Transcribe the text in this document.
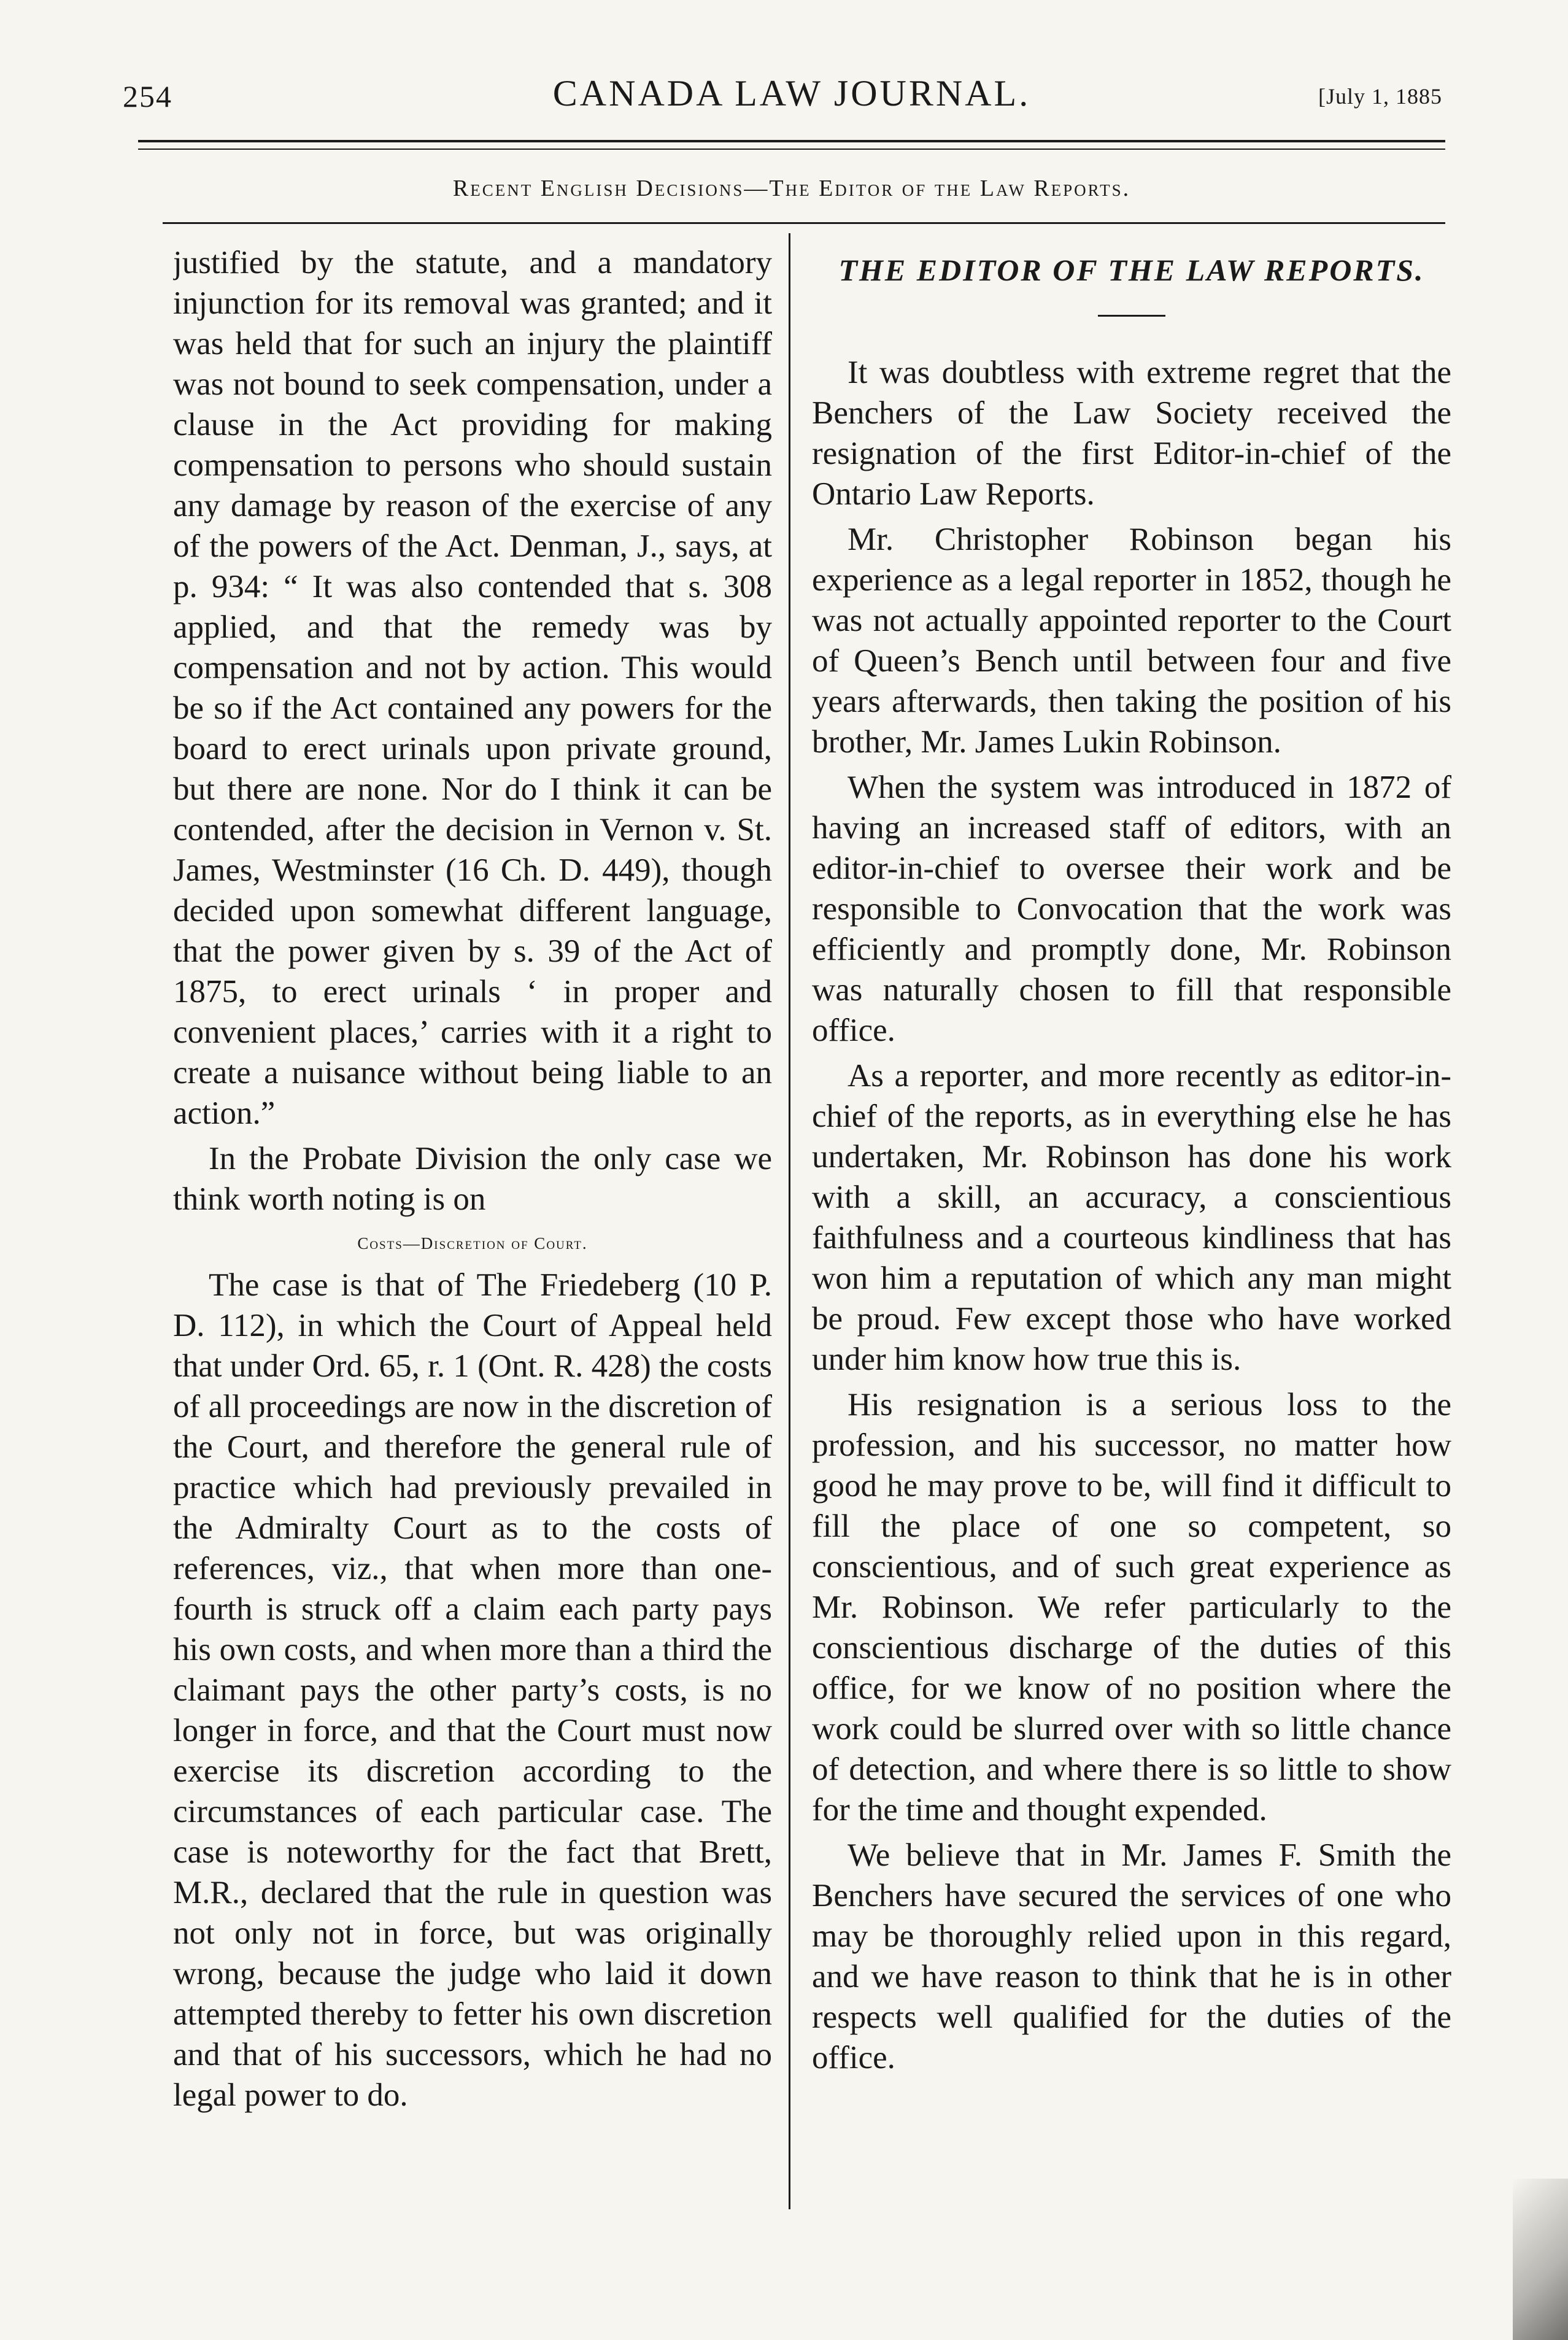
254	CANADA LAW JOURNAL.	[July 1, 1885
Recent English Decisions—The Editor of the Law Reports.

justified by the statute, and a mandatory injunction for its removal was granted; and it was held that for such an injury the plaintiff was not bound to seek compensation, under a clause in the Act providing for making compensation to persons who should sustain any damage by reason of the exercise of any of the powers of the Act. Denman, J., says, at p. 934: “ It was also contended that s. 308 applied, and that the remedy was by compensation and not by action. This would be so if the Act contained any powers for the board to erect urinals upon private ground, but there are none. Nor do I think it can be contended, after the decision in Vernon v. St. James, Westminster (16 Ch. D. 449), though decided upon somewhat different language, that the power given by s. 39 of the Act of 1875, to erect urinals ‘ in proper and convenient places,’ carries with it a right to create a nuisance without being liable to an action.”

In the Probate Division the only case we think worth noting is on

Costs—Discretion of Court.

The case is that of The Friedeberg (10 P. D. 112), in which the Court of Appeal held that under Ord. 65, r. 1 (Ont. R. 428) the costs of all proceedings are now in the discretion of the Court, and therefore the general rule of practice which had previously prevailed in the Admiralty Court as to the costs of references, viz., that when more than one-fourth is struck off a claim each party pays his own costs, and when more than a third the claimant pays the other party’s costs, is no longer in force, and that the Court must now exercise its discretion according to the circumstances of each particular case. The case is noteworthy for the fact that Brett, M.R., declared that the rule in question was not only not in force, but was originally wrong, because the judge who laid it down attempted thereby to fetter his own discretion and that of his successors, which he had no legal power to do.

THE EDITOR OF THE LAW REPORTS.

It was doubtless with extreme regret that the Benchers of the Law Society received the resignation of the first Editor-in-chief of the Ontario Law Reports.

Mr. Christopher Robinson began his experience as a legal reporter in 1852, though he was not actually appointed reporter to the Court of Queen’s Bench until between four and five years afterwards, then taking the position of his brother, Mr. James Lukin Robinson.

When the system was introduced in 1872 of having an increased staff of editors, with an editor-in-chief to oversee their work and be responsible to Convocation that the work was efficiently and promptly done, Mr. Robinson was naturally chosen to fill that responsible office.

As a reporter, and more recently as editor-in-chief of the reports, as in everything else he has undertaken, Mr. Robinson has done his work with a skill, an accuracy, a conscientious faithfulness and a courteous kindliness that has won him a reputation of which any man might be proud. Few except those who have worked under him know how true this is.

His resignation is a serious loss to the profession, and his successor, no matter how good he may prove to be, will find it difficult to fill the place of one so competent, so conscientious, and of such great experience as Mr. Robinson. We refer particularly to the conscientious discharge of the duties of this office, for we know of no position where the work could be slurred over with so little chance of detection, and where there is so little to show for the time and thought expended.

We believe that in Mr. James F. Smith the Benchers have secured the services of one who may be thoroughly relied upon in this regard, and we have reason to think that he is in other respects well qualified for the duties of the office.
